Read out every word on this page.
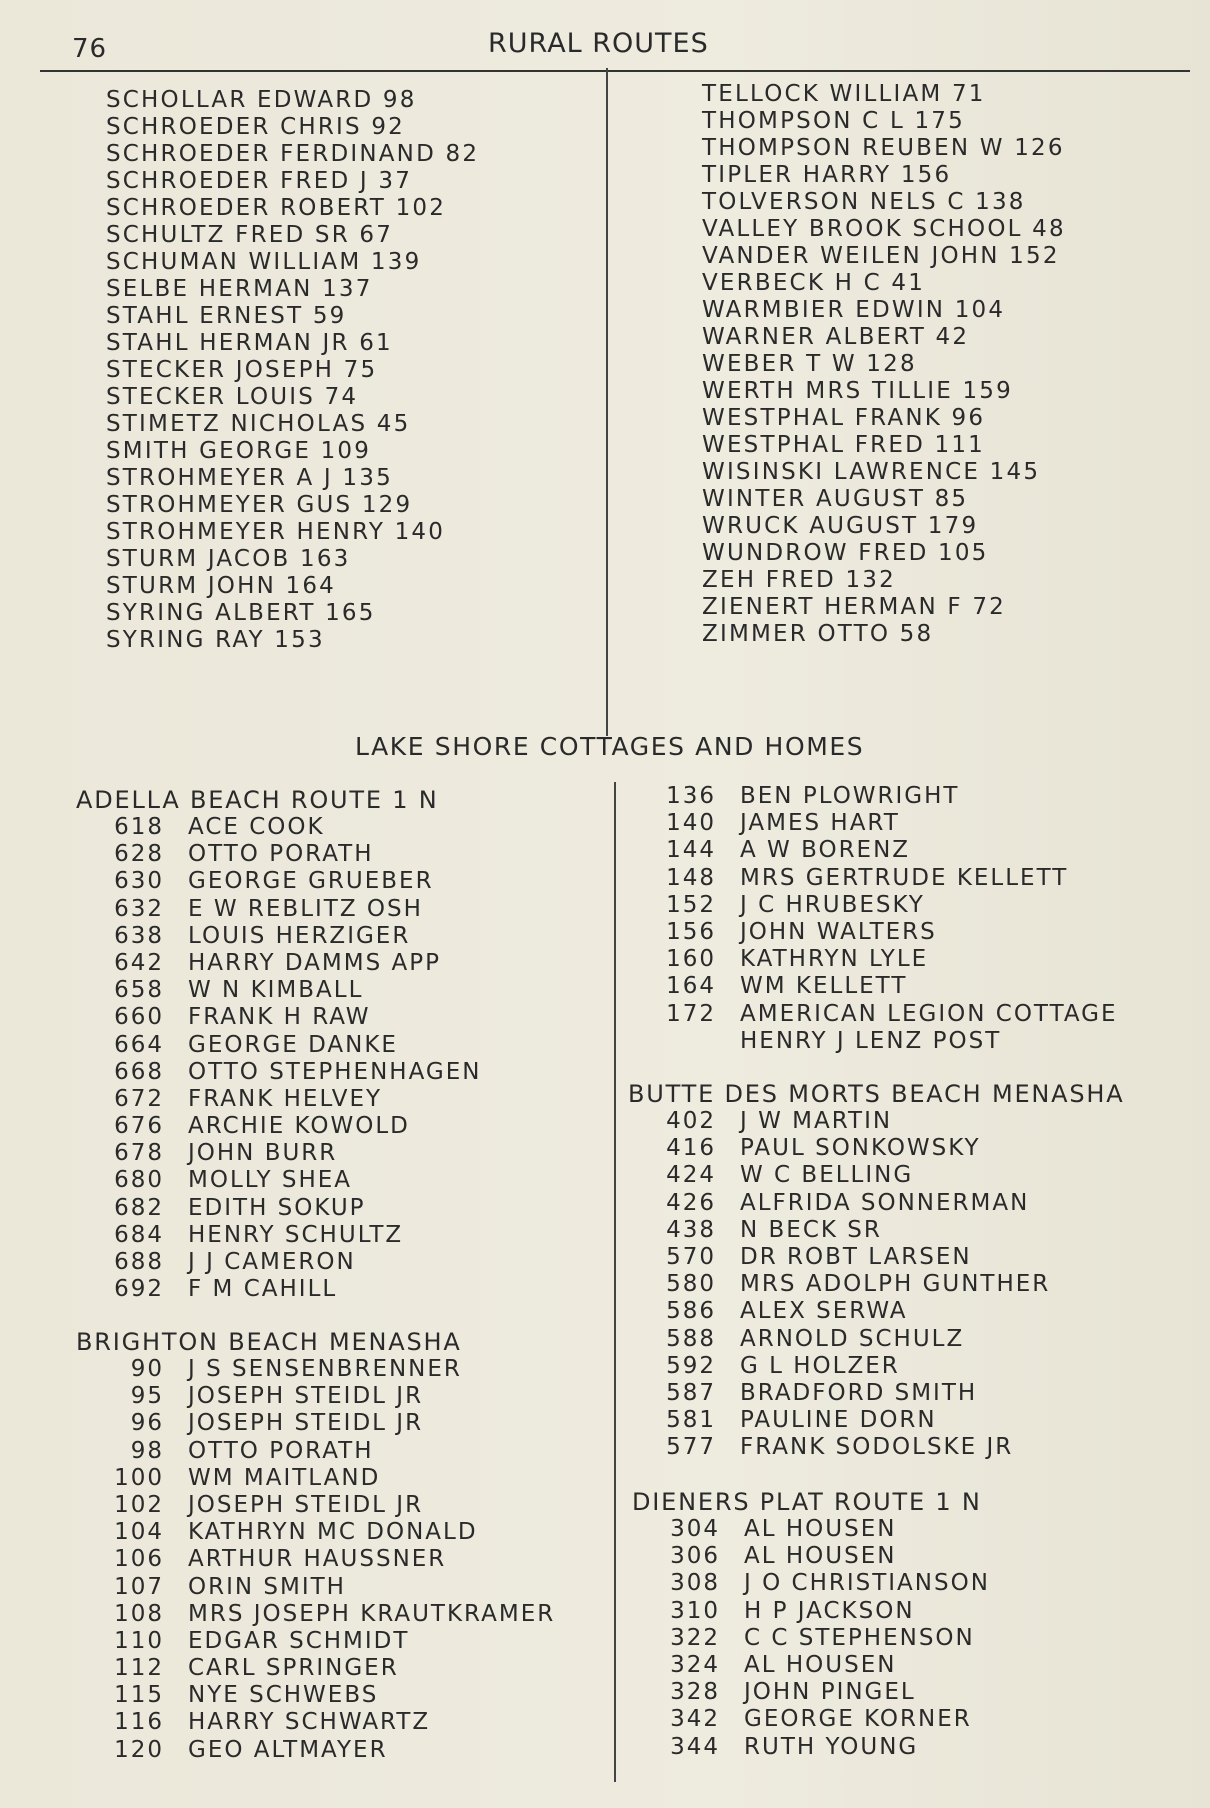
76	RURAL ROUTES
SCHOLLAR EDWARD 98
SCHROEDER CHRIS 92
SCHROEDER FERDINAND 82
SCHROEDER FRED J 37
SCHROEDER ROBERT 102
SCHULTZ FRED SR 67
SCHUMAN WILLIAM 139
SELBE HERMAN 137
STAHL ERNEST 59
STAHL HERMAN JR 61
STECKER JOSEPH 75
STECKER LOUIS 74
STIMETZ NICHOLAS 45
SMITH GEORGE 109
STROHMEYER A J 135
STROHMEYER GUS 129
STROHMEYER HENRY 140
STURM JACOB 163
STURM JOHN 164
SYRING ALBERT 165
SYRING RAY 153
TELLOCK WILLIAM 71
THOMPSON C L 175
THOMPSON REUBEN W 126
TIPLER HARRY 156
TOLVERSON NELS C 138
VALLEY BROOK SCHOOL 48
VANDER WEILEN JOHN 152
VERBECK H C 41
WARMBIER EDWIN 104
WARNER ALBERT 42
WEBER T W 128
WERTH MRS TILLIE 159
WESTPHAL FRANK 96
WESTPHAL FRED 111
WISINSKI LAWRENCE 145
WINTER AUGUST 85
WRUCK AUGUST 179
WUNDROW FRED 105
ZEH FRED 132
ZIENERT HERMAN F 72
ZIMMER OTTO 58
LAKE SHORE COTTAGES AND HOMES
ADELLA BEACH ROUTE 1 N
618 ACE COOK
628 OTTO PORATH
630 GEORGE GRUEBER
632 E W REBLITZ OSH
638 LOUIS HERZIGER
642 HARRY DAMMS APP
658 W N KIMBALL
660 FRANK H RAW
664 GEORGE DANKE
668 OTTO STEPHENHAGEN
672 FRANK HELVEY
676 ARCHIE KOWOLD
678 JOHN BURR
680 MOLLY SHEA
682 EDITH SOKUP
684 HENRY SCHULTZ
688 J J CAMERON
692 F M CAHILL
BRIGHTON BEACH MENASHA
90 J S SENSENBRENNER
95 JOSEPH STEIDL JR
96 JOSEPH STEIDL JR
98 OTTO PORATH
100 WM MAITLAND
102 JOSEPH STEIDL JR
104 KATHRYN MC DONALD
106 ARTHUR HAUSSNER
107 ORIN SMITH
108 MRS JOSEPH KRAUTKRAMER
110 EDGAR SCHMIDT
112 CARL SPRINGER
115 NYE SCHWEBS
116 HARRY SCHWARTZ
120 GEO ALTMAYER
136 BEN PLOWRIGHT
140 JAMES HART
144 A W BORENZ
148 MRS GERTRUDE KELLETT
152 J C HRUBESKY
156 JOHN WALTERS
160 KATHRYN LYLE
164 WM KELLETT
172 AMERICAN LEGION COTTAGE
HENRY J LENZ POST
BUTTE DES MORTS BEACH MENASHA
402 J W MARTIN
416 PAUL SONKOWSKY
424 W C BELLING
426 ALFRIDA SONNERMAN
438 N BECK SR
570 DR ROBT LARSEN
580 MRS ADOLPH GUNTHER
586 ALEX SERWA
588 ARNOLD SCHULZ
592 G L HOLZER
587 BRADFORD SMITH
581 PAULINE DORN
577 FRANK SODOLSKE JR
DIENERS PLAT ROUTE 1 N
304 AL HOUSEN
306 AL HOUSEN
308 J O CHRISTIANSON
310 H P JACKSON
322 C C STEPHENSON
324 AL HOUSEN
328 JOHN PINGEL
342 GEORGE KORNER
344 RUTH YOUNG
